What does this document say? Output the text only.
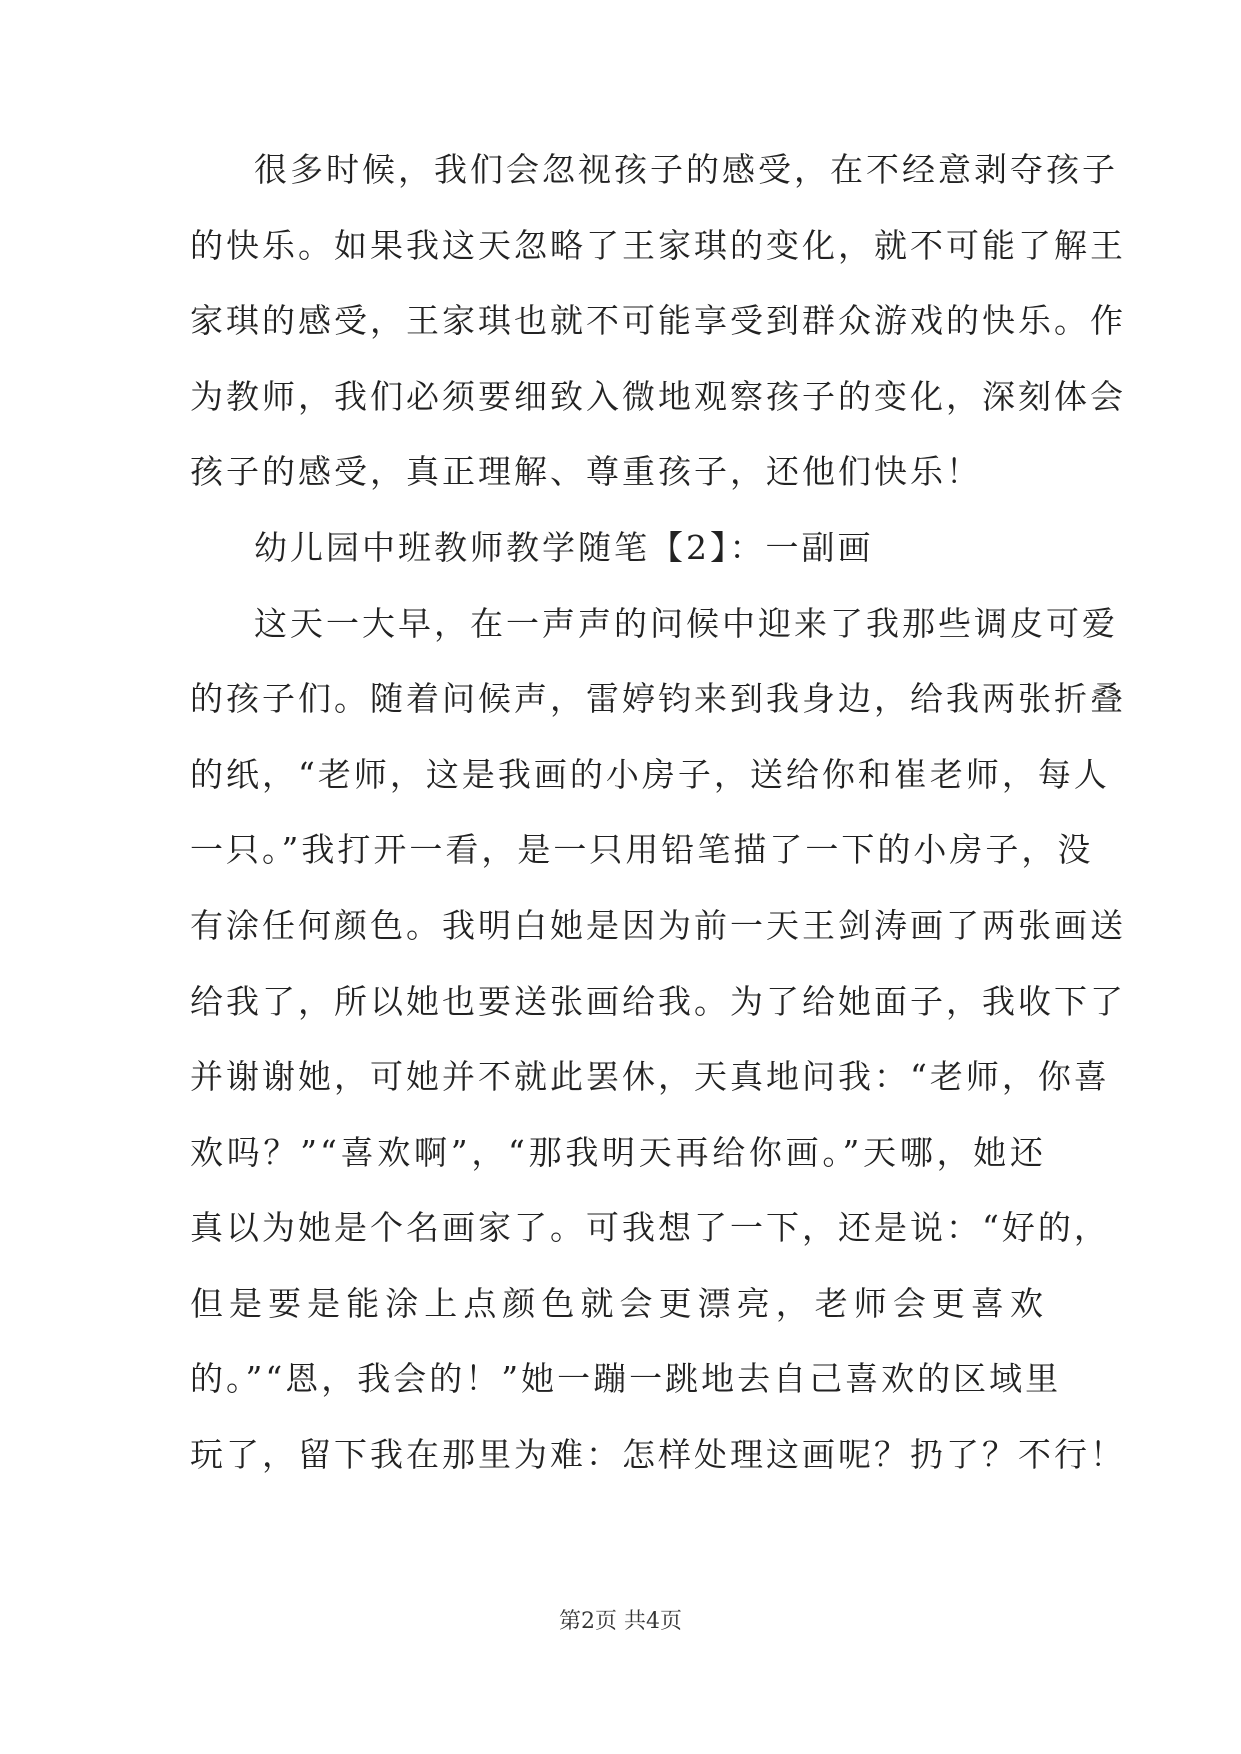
很多时候，我们会忽视孩子的感受，在不经意剥夺孩子
的快乐。如果我这天忽略了王家琪的变化，就不可能了解王
家琪的感受，王家琪也就不可能享受到群众游戏的快乐。作
为教师，我们必须要细致入微地观察孩子的变化，深刻体会
孩子的感受，真正理解、尊重孩子，还他们快乐！
幼儿园中班教师教学随笔【2】：一副画
这天一大早，在一声声的问候中迎来了我那些调皮可爱
的孩子们。随着问候声，雷婷钧来到我身边，给我两张折叠
的纸，“老师，这是我画的小房子，送给你和崔老师，每人
一只。”我打开一看，是一只用铅笔描了一下的小房子，没
有涂任何颜色。我明白她是因为前一天王剑涛画了两张画送
给我了，所以她也要送张画给我。为了给她面子，我收下了
并谢谢她，可她并不就此罢休，天真地问我：“老师，你喜
欢吗？”“喜欢啊”，“那我明天再给你画。”天哪，她还
真以为她是个名画家了。可我想了一下，还是说：“好的，
但是要是能涂上点颜色就会更漂亮，老师会更喜欢
的。”“恩，我会的！”她一蹦一跳地去自己喜欢的区域里
玩了，留下我在那里为难：怎样处理这画呢？扔了？不行！
第2页 共4页
